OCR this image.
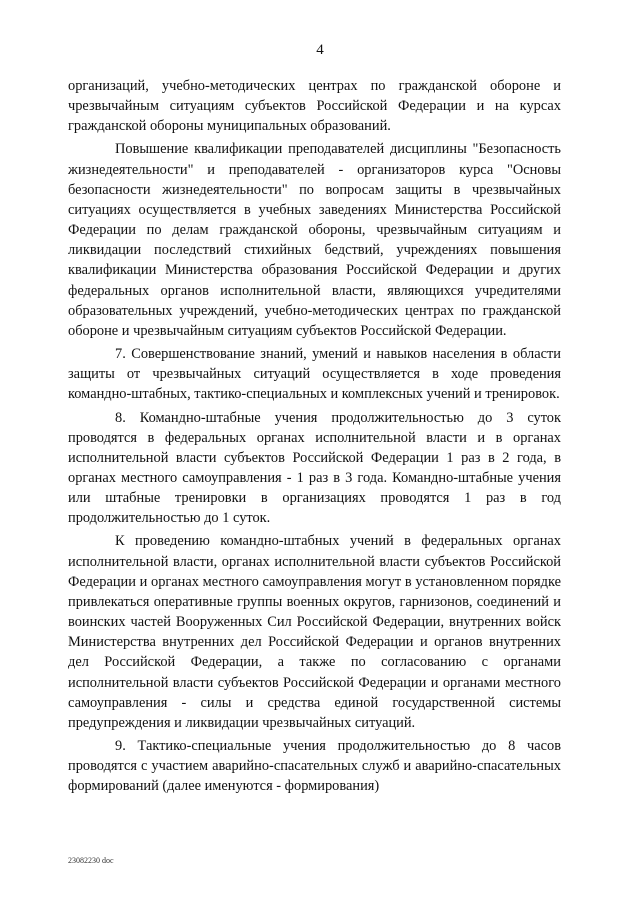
4

организаций, учебно-методических центрах по гражданской обороне и чрезвычайным ситуациям субъектов Российской Федерации и на курсах гражданской обороны муниципальных образований.

Повышение квалификации преподавателей дисциплины "Безопасность жизнедеятельности" и преподавателей - организаторов курса "Основы безопасности жизнедеятельности" по вопросам защиты в чрезвычайных ситуациях осуществляется в учебных заведениях Министерства Российской Федерации по делам гражданской обороны, чрезвычайным ситуациям и ликвидации последствий стихийных бедствий, учреждениях повышения квалификации Министерства образования Российской Федерации и других федеральных органов исполнительной власти, являющихся учредителями образовательных учреждений, учебно-методических центрах по гражданской обороне и чрезвычайным ситуациям субъектов Российской Федерации.

7. Совершенствование знаний, умений и навыков населения в области защиты от чрезвычайных ситуаций осуществляется в ходе проведения командно-штабных, тактико-специальных и комплексных учений и тренировок.

8. Командно-штабные учения продолжительностью до 3 суток проводятся в федеральных органах исполнительной власти и в органах исполнительной власти субъектов Российской Федерации 1 раз в 2 года, в органах местного самоуправления - 1 раз в 3 года. Командно-штабные учения или штабные тренировки в организациях проводятся 1 раз в год продолжительностью до 1 суток.

К проведению командно-штабных учений в федеральных органах исполнительной власти, органах исполнительной власти субъектов Российской Федерации и органах местного самоуправления могут в установленном порядке привлекаться оперативные группы военных округов, гарнизонов, соединений и воинских частей Вооруженных Сил Российской Федерации, внутренних войск Министерства внутренних дел Российской Федерации и органов внутренних дел Российской Федерации, а также по согласованию с органами исполнительной власти субъектов Российской Федерации и органами местного самоуправления - силы и средства единой государственной системы предупреждения и ликвидации чрезвычайных ситуаций.

9. Тактико-специальные учения продолжительностью до 8 часов проводятся с участием аварийно-спасательных служб и аварийно-спасательных формирований (далее именуются - формирования)

23082230 doc
